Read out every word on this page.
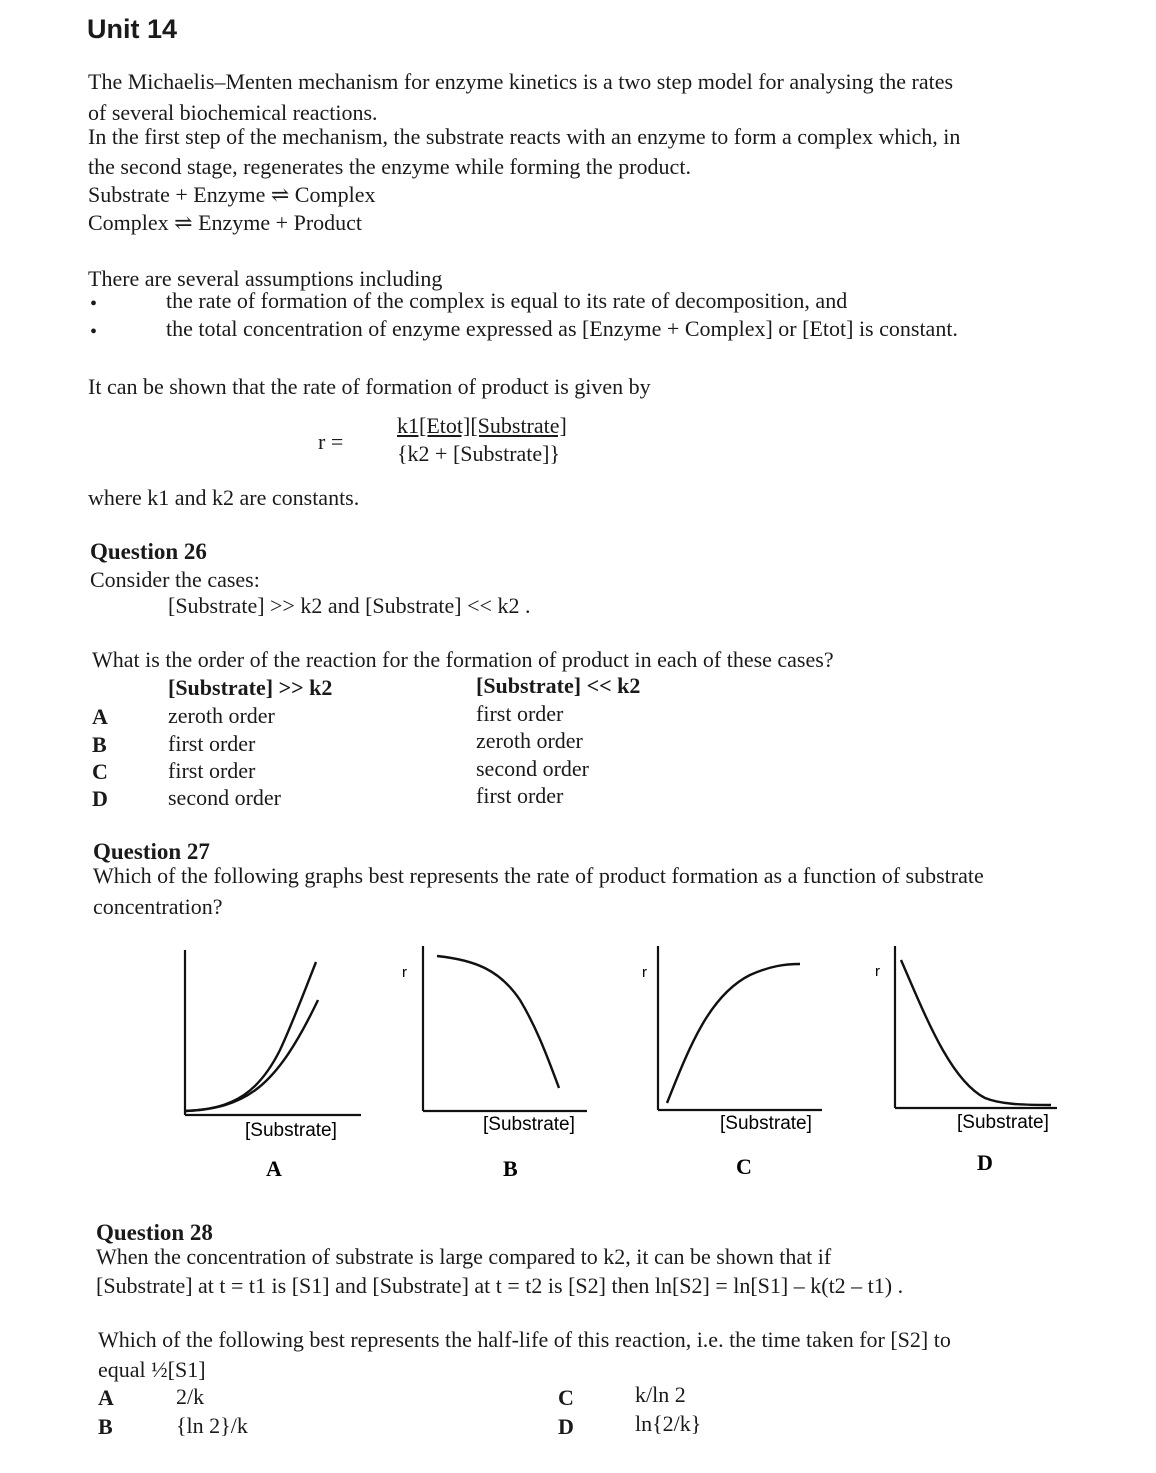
Unit 14
The Michaelis–Menten mechanism for enzyme kinetics is a two step model for analysing the rates
of several biochemical reactions.
In the first step of the mechanism, the substrate reacts with an enzyme to form a complex which, in
the second stage, regenerates the enzyme while forming the product.
Substrate + Enzyme ⇌ Complex
Complex ⇌ Enzyme + Product
There are several assumptions including
•	the rate of formation of the complex is equal to its rate of decomposition, and
•	the total concentration of enzyme expressed as [Enzyme + Complex] or [Etot] is constant.
It can be shown that the rate of formation of product is given by
r =
k1[Etot][Substrate]
{k2 + [Substrate]}
where k1 and k2 are constants.
Question 26
Consider the cases:
[Substrate] >> k2 and [Substrate] << k2 .
What is the order of the reaction for the formation of product in each of these cases?
[Substrate] >> k2	[Substrate] << k2
A	zeroth order	first order
B	first order	zeroth order
C	first order	second order
D	second order	first order
Question 27
Which of the following graphs best represents the rate of product formation as a function of substrate
concentration?
[Substrate]
A
r
[Substrate]
B
r
[Substrate]
C
r
[Substrate]
D
Question 28
When the concentration of substrate is large compared to k2, it can be shown that if
[Substrate] at t = t1 is [S1] and [Substrate] at t = t2 is [S2] then ln[S2] = ln[S1] – k(t2 – t1) .
Which of the following best represents the half-life of this reaction, i.e. the time taken for [S2] to
equal ½[S1]
A	2/k
B	{ln 2}/k
C	k/ln 2
D	ln{2/k}
